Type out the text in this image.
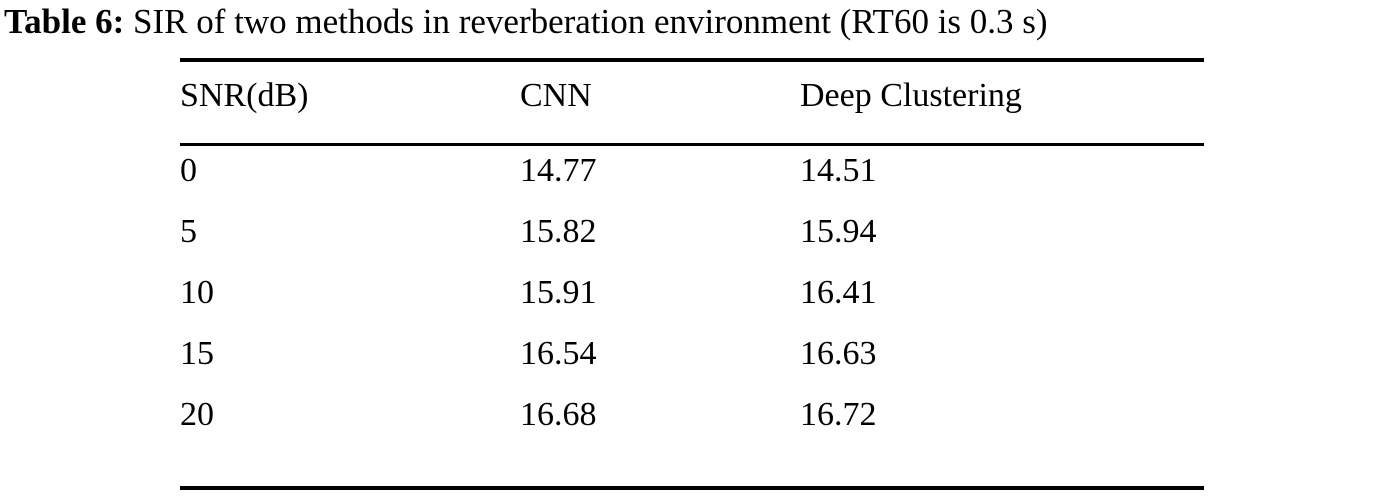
Table 6: SIR of two methods in reverberation environment (RT60 is 0.3 s)
SNR(dB)	CNN	Deep Clustering
0	14.77	14.51
5	15.82	15.94
10	15.91	16.41
15	16.54	16.63
20	16.68	16.72
